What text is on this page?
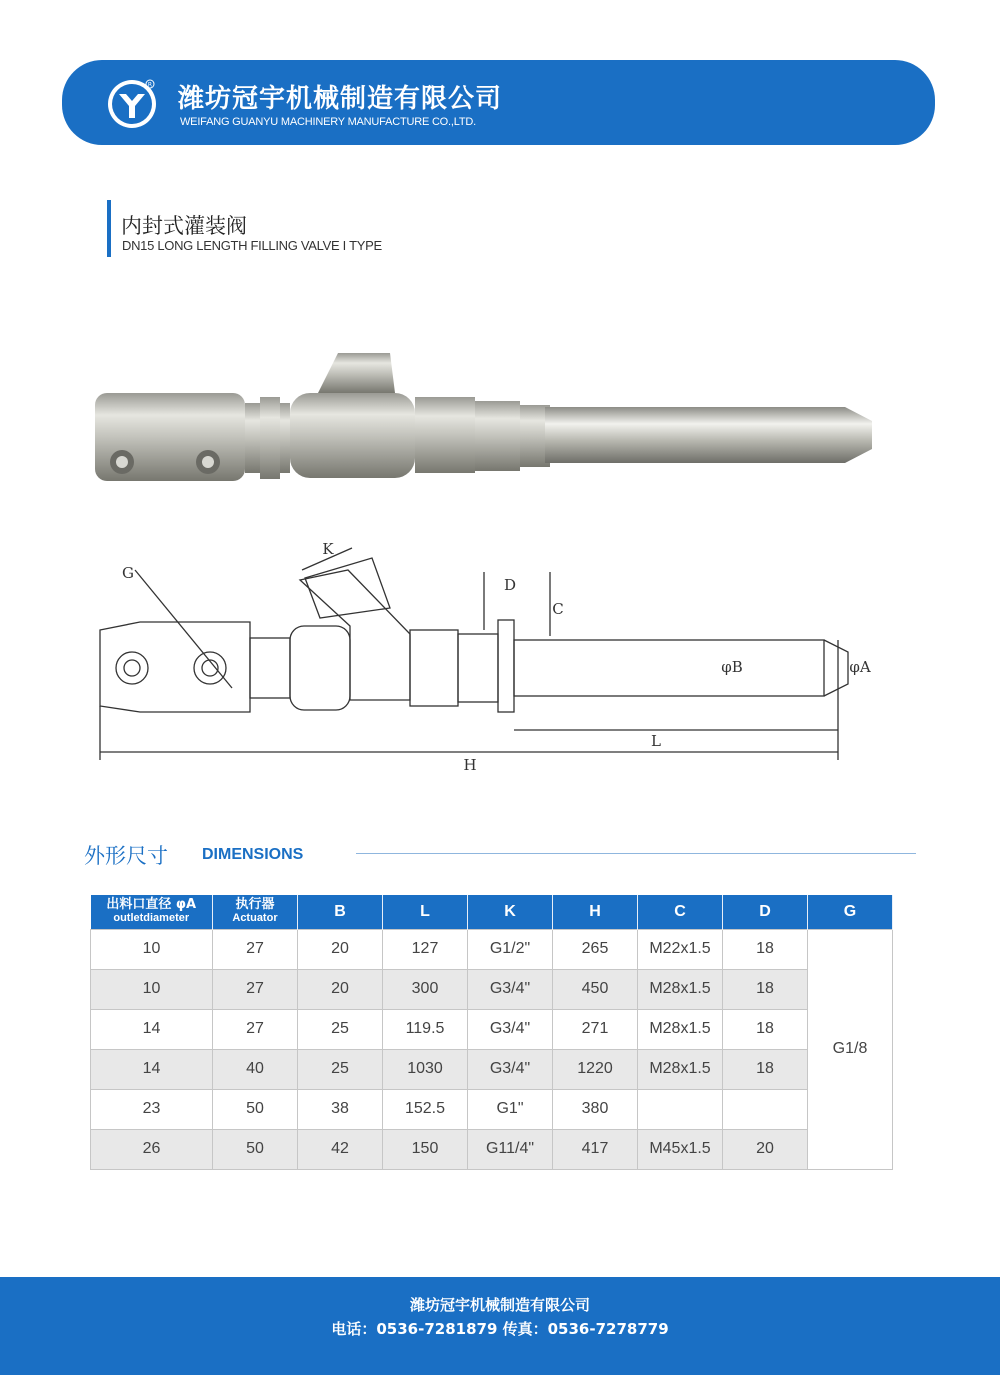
R 潍坊冠宇机械制造有限公司
WEIFANG GUANYU MACHINERY MANUFACTURE CO.,LTD.
内封式灌装阀
DN15 LONG LENGTH FILLING VALVE I TYPE
G
K
D
C
φB	φA
L
H
外形尺寸 DIMENSIONS
出料口直径 φA
outletdiameter	执行器
Actuator	B	L	K	H	C	D	G
10	27	20	127	G1/2"	265	M22x1.5	18	G1/8
10	27	20	300	G3/4"	450	M28x1.5	18	
14	27	25	119.5	G3/4"	271	M28x1.5	18	
14	40	25	1030	G3/4"	1220	M28x1.5	18	
23	50	38	152.5	G1"	380			
26	50	42	150	G11/4"	417	M45x1.5	20	
潍坊冠宇机械制造有限公司
电话：0536-7281879 传真：0536-7278779
